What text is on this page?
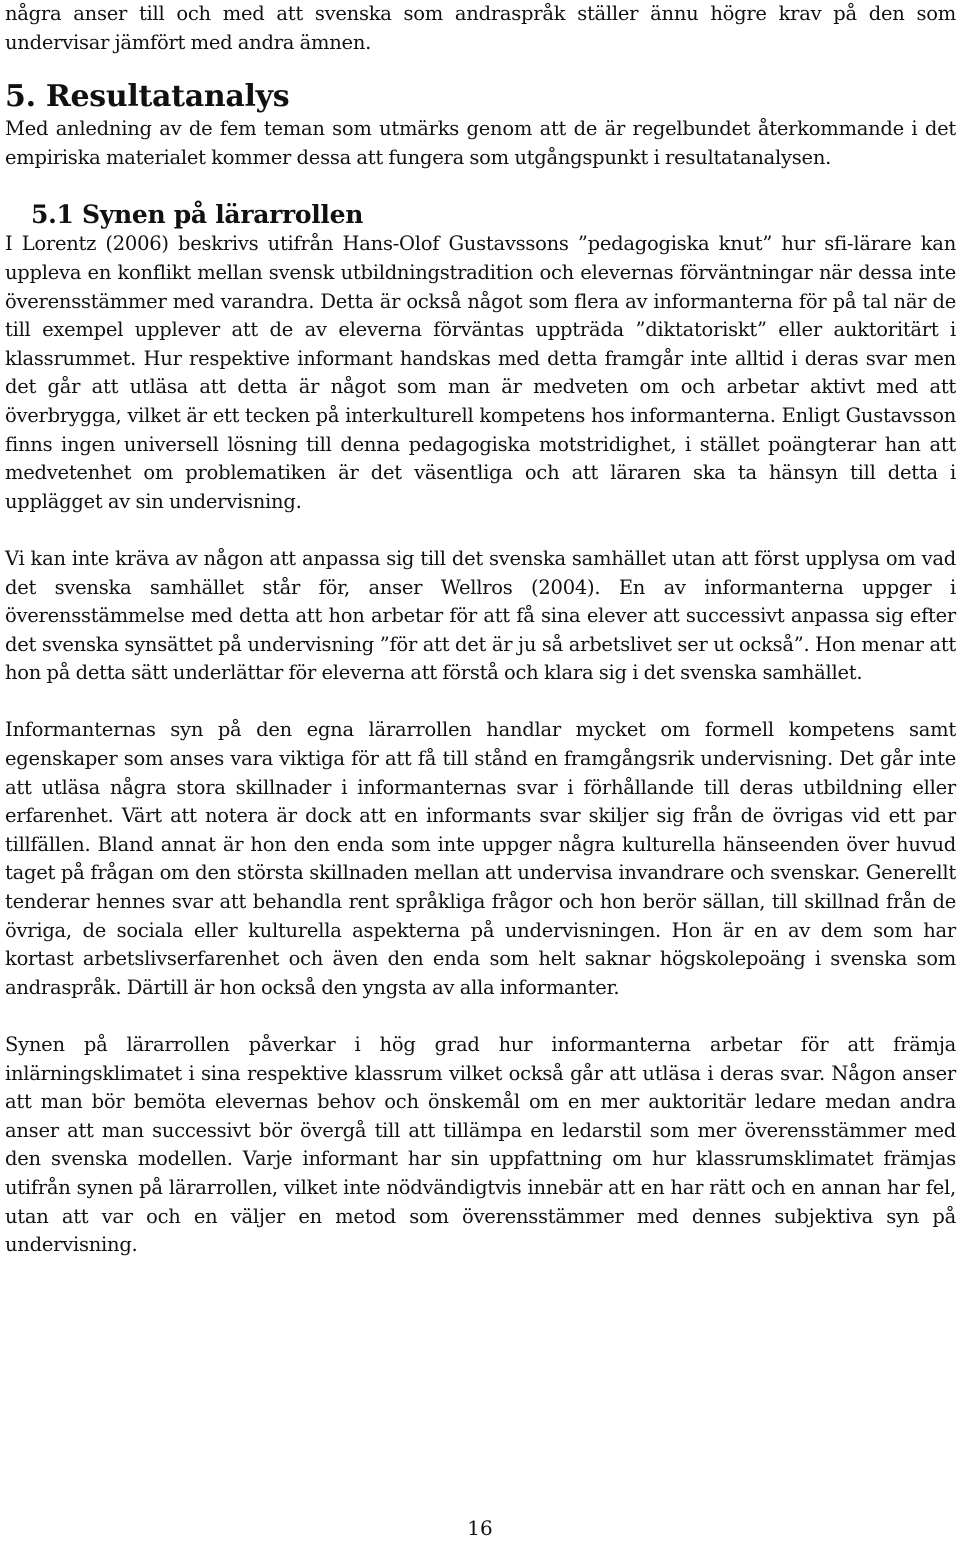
några anser till och med att svenska som andraspråk ställer ännu högre krav på den som undervisar jämfört med andra ämnen.

5. Resultatanalys

Med anledning av de fem teman som utmärks genom att de är regelbundet återkommande i det empiriska materialet kommer dessa att fungera som utgångspunkt i resultatanalysen.

5.1 Synen på lärarrollen

I Lorentz (2006) beskrivs utifrån Hans-Olof Gustavssons ”pedagogiska knut” hur sfi-lärare kan uppleva en konflikt mellan svensk utbildningstradition och elevernas förväntningar när dessa inte överensstämmer med varandra. Detta är också något som flera av informanterna för på tal när de till exempel upplever att de av eleverna förväntas uppträda ”diktatoriskt” eller auktoritärt i klassrummet. Hur respektive informant handskas med detta framgår inte alltid i deras svar men det går att utläsa att detta är något som man är medveten om och arbetar aktivt med att överbrygga, vilket är ett tecken på interkulturell kompetens hos informanterna. Enligt Gustavsson finns ingen universell lösning till denna pedagogiska motstridighet, i stället poängterar han att medvetenhet om problematiken är det väsentliga och att läraren ska ta hänsyn till detta i upplägget av sin undervisning.

Vi kan inte kräva av någon att anpassa sig till det svenska samhället utan att först upplysa om vad det svenska samhället står för, anser Wellros (2004). En av informanterna uppger i överensstämmelse med detta att hon arbetar för att få sina elever att successivt anpassa sig efter det svenska synsättet på undervisning ”för att det är ju så arbetslivet ser ut också”. Hon menar att hon på detta sätt underlättar för eleverna att förstå och klara sig i det svenska samhället.

Informanternas syn på den egna lärarrollen handlar mycket om formell kompetens samt egenskaper som anses vara viktiga för att få till stånd en framgångsrik undervisning. Det går inte att utläsa några stora skillnader i informanternas svar i förhållande till deras utbildning eller erfarenhet. Värt att notera är dock att en informants svar skiljer sig från de övrigas vid ett par tillfällen. Bland annat är hon den enda som inte uppger några kulturella hänseenden över huvud taget på frågan om den största skillnaden mellan att undervisa invandrare och svenskar. Generellt tenderar hennes svar att behandla rent språkliga frågor och hon berör sällan, till skillnad från de övriga, de sociala eller kulturella aspekterna på undervisningen. Hon är en av dem som har kortast arbetslivserfarenhet och även den enda som helt saknar högskolepoäng i svenska som andraspråk. Därtill är hon också den yngsta av alla informanter.

Synen på lärarrollen påverkar i hög grad hur informanterna arbetar för att främja inlärningsklimatet i sina respektive klassrum vilket också går att utläsa i deras svar. Någon anser att man bör bemöta elevernas behov och önskemål om en mer auktoritär ledare medan andra anser att man successivt bör övergå till att tillämpa en ledarstil som mer överensstämmer med den svenska modellen. Varje informant har sin uppfattning om hur klassrumsklimatet främjas utifrån synen på lärarrollen, vilket inte nödvändigtvis innebär att en har rätt och en annan har fel, utan att var och en väljer en metod som överensstämmer med dennes subjektiva syn på undervisning.

16
